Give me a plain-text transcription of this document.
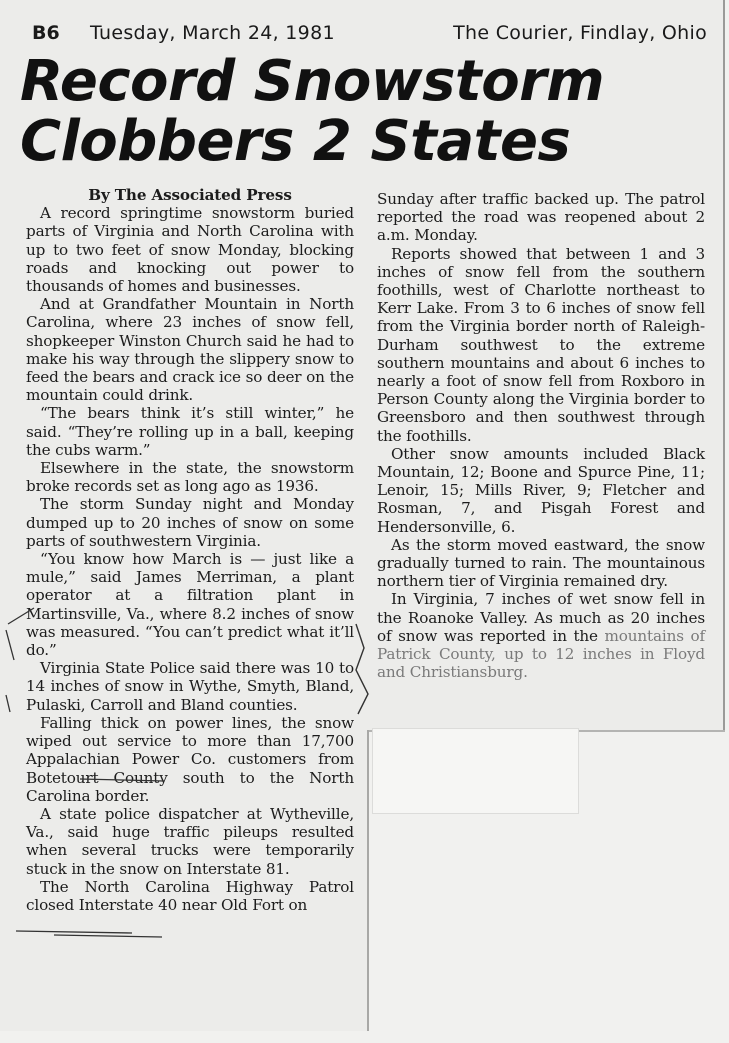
B6 Tuesday, March 24, 1981	The Courier, Findlay, Ohio
Record Snowstorm
Clobbers 2 States

By The Associated Press

A record springtime snowstorm buried parts of Virginia and North Carolina with up to two feet of snow Monday, blocking roads and knocking out power to thousands of homes and businesses.

And at Grandfather Mountain in North Carolina, where 23 inches of snow fell, shopkeeper Winston Church said he had to make his way through the slippery snow to feed the bears and crack ice so deer on the mountain could drink.

“The bears think it’s still winter,” he said. “They’re rolling up in a ball, keeping the cubs warm.”

Elsewhere in the state, the snowstorm broke records set as long ago as 1936.

The storm Sunday night and Monday dumped up to 20 inches of snow on some parts of southwestern Virginia.

“You know how March is — just like a mule,” said James Merriman, a plant operator at a filtration plant in Martinsville, Va., where 8.2 inches of snow was measured. “You can’t predict what it’ll do.”

Virginia State Police said there was 10 to 14 inches of snow in Wythe, Smyth, Bland, Pulaski, Carroll and Bland counties.

Falling thick on power lines, the snow wiped out service to more than 17,700 Appalachian Power Co. customers from Botetourt County south to the North Carolina border.

A state police dispatcher at Wytheville, Va., said huge traffic pileups resulted when several trucks were temporarily stuck in the snow on Interstate 81.

The North Carolina Highway Patrol closed Interstate 40 near Old Fort on

Sunday after traffic backed up. The patrol reported the road was reopened about 2 a.m. Monday.

Reports showed that between 1 and 3 inches of snow fell from the southern foothills, west of Charlotte northeast to Kerr Lake. From 3 to 6 inches of snow fell from the Virginia border north of Raleigh-Durham southwest to the extreme southern mountains and about 6 inches to nearly a foot of snow fell from Roxboro in Person County along the Virginia border to Greensboro and then southwest through the foothills.

Other snow amounts included Black Mountain, 12; Boone and Spurce Pine, 11; Lenoir, 15; Mills River, 9; Fletcher and Rosman, 7, and Pisgah Forest and Hendersonville, 6.

As the storm moved eastward, the snow gradually turned to rain. The mountainous northern tier of Virginia remained dry.

In Virginia, 7 inches of wet snow fell in the Roanoke Valley. As much as 20 inches of snow was reported in the mountains of Patrick County, up to 12 inches in Floyd and Christiansburg.
